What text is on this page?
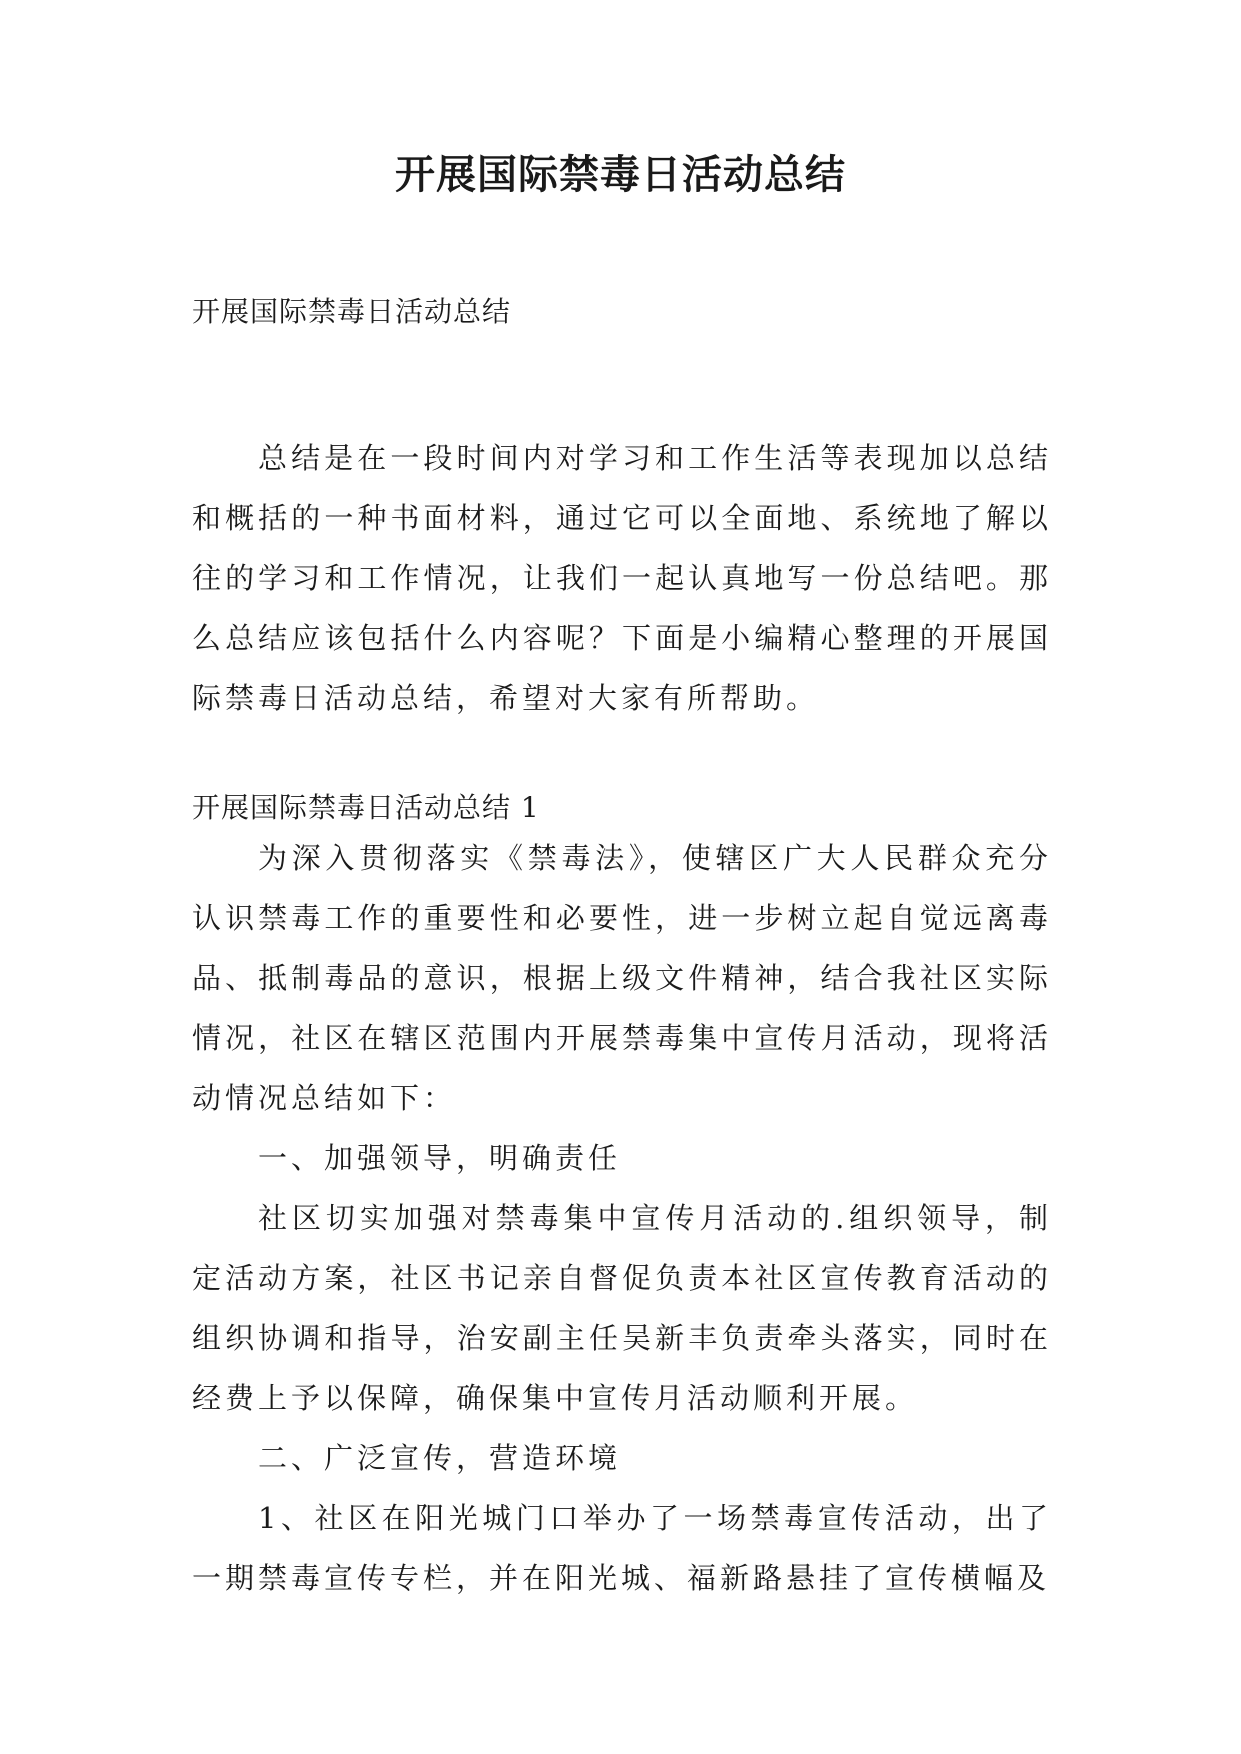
开展国际禁毒日活动总结

开展国际禁毒日活动总结

总结是在一段时间内对学习和工作生活等表现加以总结和概括的一种书面材料，通过它可以全面地、系统地了解以往的学习和工作情况，让我们一起认真地写一份总结吧。那么总结应该包括什么内容呢？下面是小编精心整理的开展国际禁毒日活动总结，希望对大家有所帮助。

开展国际禁毒日活动总结 1

为深入贯彻落实《禁毒法》，使辖区广大人民群众充分认识禁毒工作的重要性和必要性，进一步树立起自觉远离毒品、抵制毒品的意识，根据上级文件精神，结合我社区实际情况，社区在辖区范围内开展禁毒集中宣传月活动，现将活动情况总结如下：

一、加强领导，明确责任

社区切实加强对禁毒集中宣传月活动的.组织领导，制定活动方案，社区书记亲自督促负责本社区宣传教育活动的组织协调和指导，治安副主任吴新丰负责牵头落实，同时在经费上予以保障，确保集中宣传月活动顺利开展。

二、广泛宣传，营造环境

1、社区在阳光城门口举办了一场禁毒宣传活动，出了一期禁毒宣传专栏，并在阳光城、福新路悬挂了宣传横幅及
